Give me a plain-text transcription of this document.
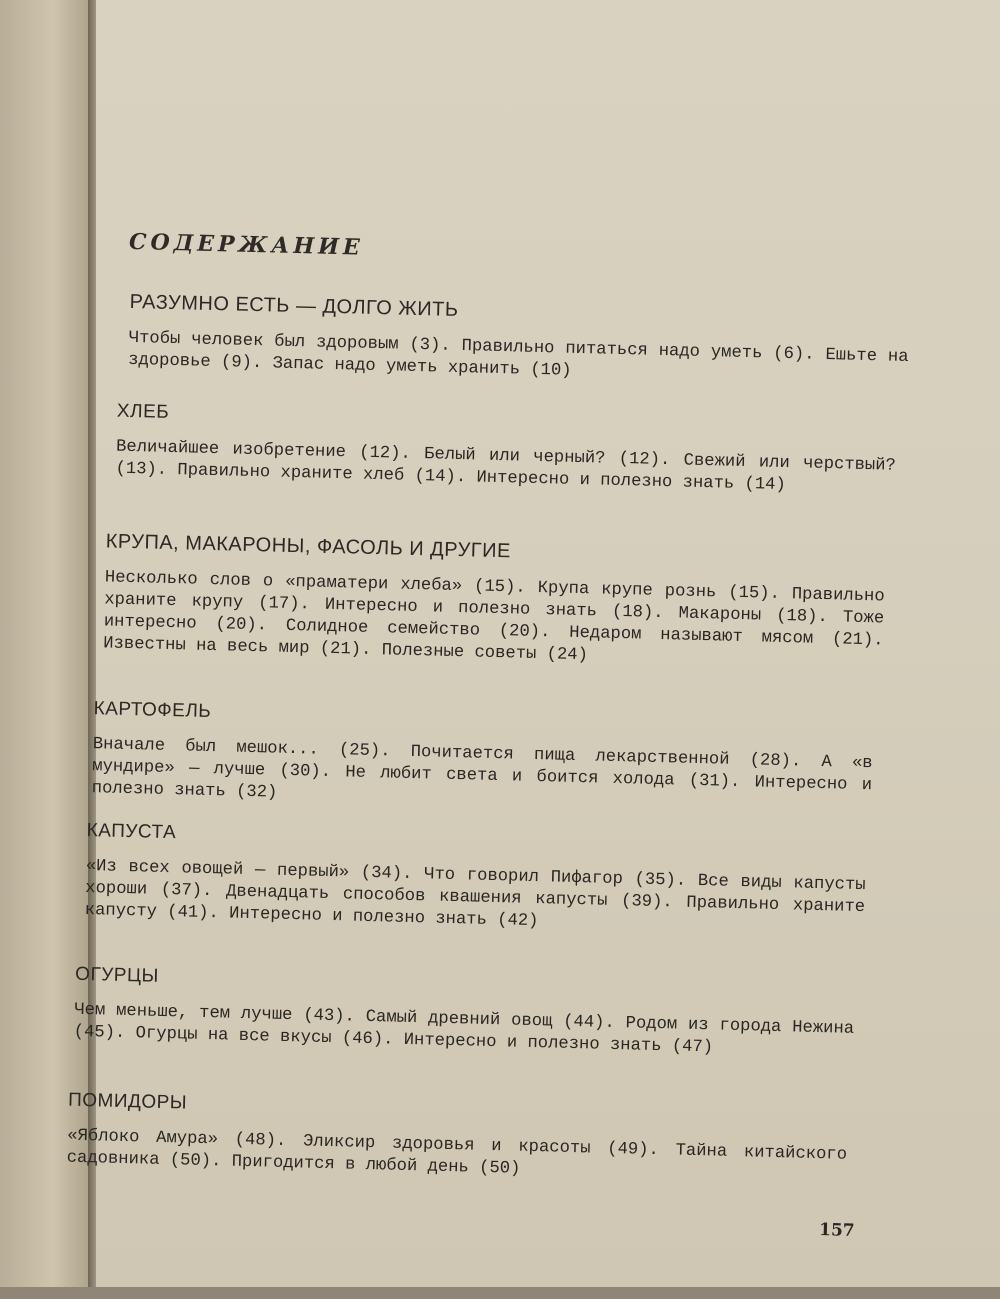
СОДЕРЖАНИЕ
РАЗУМНО ЕСТЬ — ДОЛГО ЖИТЬ
Чтобы человек был здоровым (3). Правильно питаться надо уметь (6). Ешьте на здоровье (9). Запас надо уметь хранить (10)
ХЛЕБ
Величайшее изобретение (12). Белый или черный? (12). Свежий или черствый? (13). Правильно храните хлеб (14). Интересно и полезно знать (14)
КРУПА, МАКАРОНЫ, ФАСОЛЬ И ДРУГИЕ
Несколько слов о «праматери хлеба» (15). Крупа крупе рознь (15). Правильно храните крупу (17). Интересно и полезно знать (18). Макароны (18). Тоже интересно (20). Солидное семейство (20). Недаром называют мясом (21). Известны на весь мир (21). Полезные советы (24)
КАРТОФЕЛЬ
Вначале был мешок... (25). Почитается пища лекарственной (28). А «в мундире» — лучше (30). Не любит света и боится холода (31). Интересно и полезно знать (32)
КАПУСТА
«Из всех овощей — первый» (34). Что говорил Пифагор (35). Все виды капусты хороши (37). Двенадцать способов квашения капусты (39). Правильно храните капусту (41). Интересно и полезно знать (42)
ОГУРЦЫ
Чем меньше, тем лучше (43). Самый древний овощ (44). Родом из города Нежина (45). Огурцы на все вкусы (46). Интересно и полезно знать (47)
ПОМИДОРЫ
«Яблоко Амура» (48). Эликсир здоровья и красоты (49). Тайна китайского садовника (50). Пригодится в любой день (50)
157
